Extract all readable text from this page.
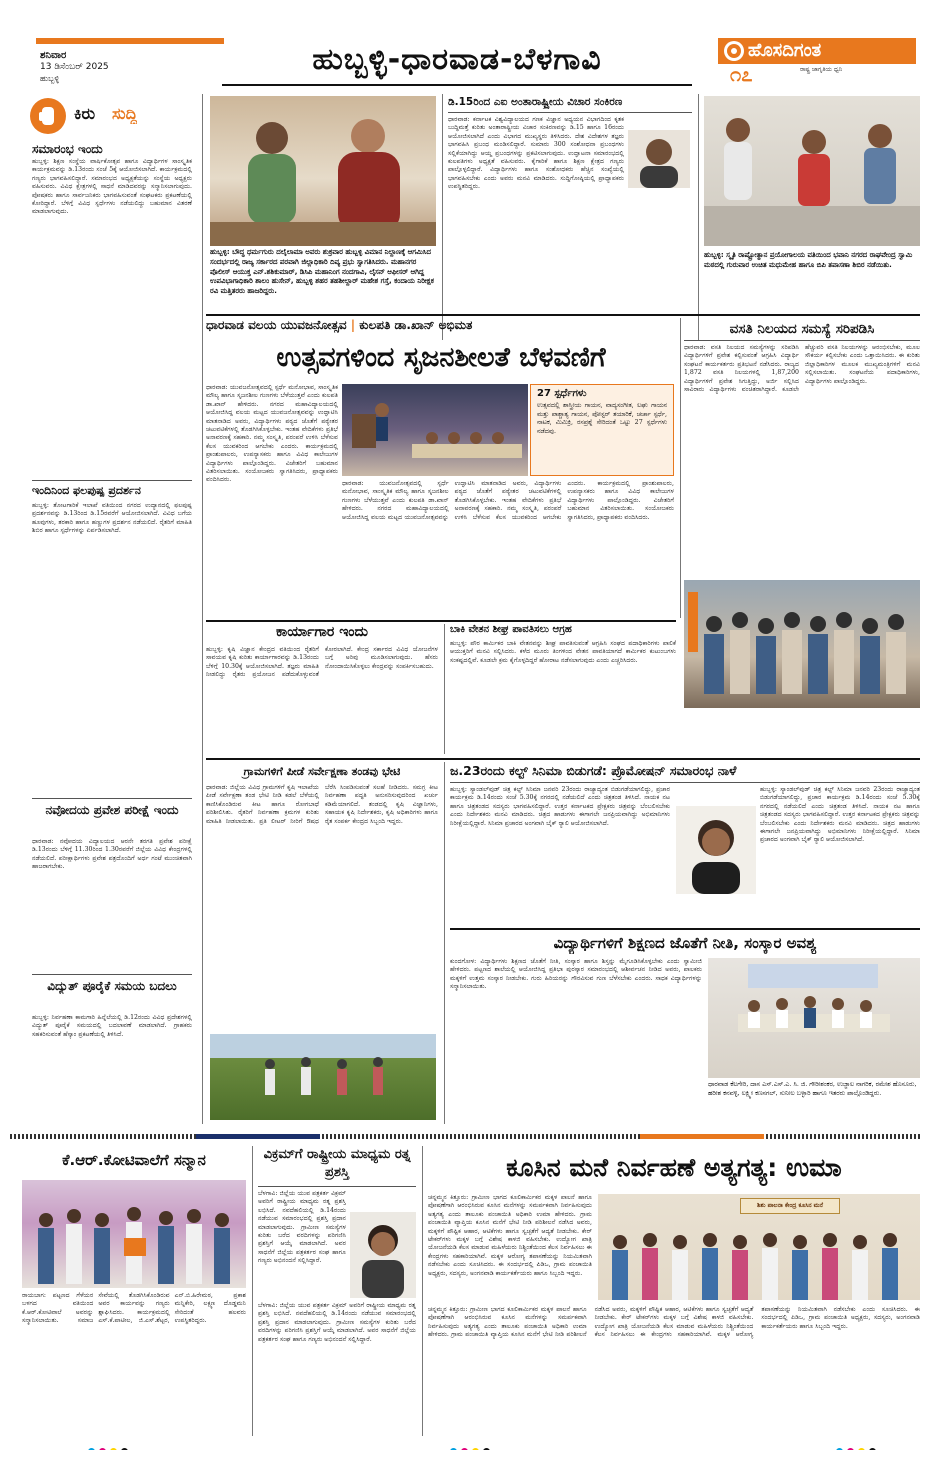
ಶನಿವಾರ
13 ಡಿಸೆಂಬರ್ 2025
ಹುಬ್ಬಳ್ಳಿ
ಹುಬ್ಬಳ್ಳಿ-ಧಾರವಾಡ-ಬೆಳಗಾವಿ	ಹೊಸದಿಗಂತ
ರಾಷ್ಟ್ರ ಜಾಗೃತಿಯ ಧ್ವನಿ
೧೭
ಕಿರು ಸುದ್ದಿ
ಸಮಾರಂಭ ಇಂದು
ಹುಬ್ಬಳ್ಳಿ: ಶಿಕ್ಷಣ ಸಂಸ್ಥೆಯ ವಾರ್ಷಿಕೋತ್ಸವ ಹಾಗೂ ವಿದ್ಯಾರ್ಥಿಗಳ ಸಾಂಸ್ಕೃತಿಕ ಕಾರ್ಯಕ್ರಮವನ್ನು ಡಿ.13ರಂದು ಸಂಜೆ 5ಕ್ಕೆ ಆಯೋಜಿಸಲಾಗಿದೆ. ಕಾರ್ಯಕ್ರಮದಲ್ಲಿ ಗಣ್ಯರು ಭಾಗವಹಿಸಲಿದ್ದಾರೆ. ಸಮಾರಂಭದ ಅಧ್ಯಕ್ಷತೆಯನ್ನು ಸಂಸ್ಥೆಯ ಅಧ್ಯಕ್ಷರು ವಹಿಸುವರು. ವಿವಿಧ ಕ್ಷೇತ್ರಗಳಲ್ಲಿ ಸಾಧನೆ ಮಾಡಿದವರನ್ನು ಸನ್ಮಾನಿಸಲಾಗುವುದು. ಪೋಷಕರು ಹಾಗೂ ಸಾರ್ವಜನಿಕರು ಭಾಗವಹಿಸುವಂತೆ ಸಂಘಟಕರು ಪ್ರಕಟಣೆಯಲ್ಲಿ ಕೋರಿದ್ದಾರೆ. ಬೆಳಿಗ್ಗೆ ವಿವಿಧ ಸ್ಪರ್ಧೆಗಳು ನಡೆಯಲಿದ್ದು ಬಹುಮಾನ ವಿತರಣೆ ಮಾಡಲಾಗುವುದು.
ಇಂದಿನಿಂದ ಫಲಪುಷ್ಪ ಪ್ರದರ್ಶನ
ಹುಬ್ಬಳ್ಳಿ: ತೋಟಗಾರಿಕೆ ಇಲಾಖೆ ವತಿಯಿಂದ ನಗರದ ಉದ್ಯಾನದಲ್ಲಿ ಫಲಪುಷ್ಪ ಪ್ರದರ್ಶನವನ್ನು ಡಿ.13ರಿಂದ ಡಿ.15ರವರೆಗೆ ಆಯೋಜಿಸಲಾಗಿದೆ. ವಿವಿಧ ಬಗೆಯ ಹೂವುಗಳು, ತರಕಾರಿ ಹಾಗೂ ಹಣ್ಣುಗಳ ಪ್ರದರ್ಶನ ನಡೆಯಲಿದೆ. ರೈತರಿಗೆ ಮಾಹಿತಿ ಶಿಬಿರ ಹಾಗೂ ಸ್ಪರ್ಧೆಗಳನ್ನು ಏರ್ಪಡಿಸಲಾಗಿದೆ.
ನವೋದಯ ಪ್ರವೇಶ ಪರೀಕ್ಷೆ ಇಂದು
ಧಾರವಾಡ: ನವೋದಯ ವಿದ್ಯಾಲಯದ ಆರನೇ ತರಗತಿ ಪ್ರವೇಶ ಪರೀಕ್ಷೆ ಡಿ.13ರಂದು ಬೆಳಿಗ್ಗೆ 11.30ರಿಂದ 1.30ರವರೆಗೆ ಜಿಲ್ಲೆಯ ವಿವಿಧ ಕೇಂದ್ರಗಳಲ್ಲಿ ನಡೆಯಲಿದೆ. ಪರೀಕ್ಷಾರ್ಥಿಗಳು ಪ್ರವೇಶ ಪತ್ರದೊಂದಿಗೆ ಅರ್ಧ ಗಂಟೆ ಮುಂಚಿತವಾಗಿ ಹಾಜರಾಗಬೇಕು.
ವಿದ್ಯುತ್ ಪೂರೈಕೆ ಸಮಯ ಬದಲು
ಹುಬ್ಬಳ್ಳಿ: ನಿರ್ವಹಣಾ ಕಾಮಗಾರಿ ಹಿನ್ನೆಲೆಯಲ್ಲಿ ಡಿ.12ರಂದು ವಿವಿಧ ಪ್ರದೇಶಗಳಲ್ಲಿ ವಿದ್ಯುತ್ ಪೂರೈಕೆ ಸಮಯದಲ್ಲಿ ಬದಲಾವಣೆ ಮಾಡಲಾಗಿದೆ. ಗ್ರಾಹಕರು ಸಹಕರಿಸುವಂತೆ ಹೆಸ್ಕಾಂ ಪ್ರಕಟಣೆಯಲ್ಲಿ ತಿಳಿಸಿದೆ.
ಹುಬ್ಬಳ್ಳಿ: ಬೌದ್ಧ ಧರ್ಮಗುರು ದಲೈಲಾಮಾ ಅವರು ಶುಕ್ರವಾರ ಹುಬ್ಬಳ್ಳಿ ವಿಮಾನ ನಿಲ್ದಾಣಕ್ಕೆ ಆಗಮಿಸಿದ ಸಂದರ್ಭದಲ್ಲಿ ರಾಜ್ಯ ಸರ್ಕಾರದ ಪರವಾಗಿ ಜಿಲ್ಲಾಧಿಕಾರಿ ದಿವ್ಯ ಪ್ರಭು ಸ್ವಾಗತಿಸಿದರು. ಮಹಾನಗರ ಪೊಲೀಸ್ ಆಯುಕ್ತ ಎನ್.ಶಶಿಕುಮಾರ್, ಡಿಸಿಪಿ ಮಹಾನಿಂಗ ನಂದಗಾವಿ, ಲೈಸನ್ ಆಫೀಸರ್ ಆಗಿದ್ದ ಉಪವಿಭಾಗಾಧಿಕಾರಿ ಶಾಲಂ ಹುಸೇನ್, ಹುಬ್ಬಳ್ಳಿ ಶಹರ ತಹಶೀಲ್ದಾರ್ ಮಹೇಶ ಗಸ್ತೆ, ಕಂದಾಯ ನಿರೀಕ್ಷಕ ರವಿ ಮತ್ತಿತರರು ಹಾಜರಿದ್ದರು.
ಡಿ.15ರಿಂದ ಎಐ ಅಂತಾರಾಷ್ಟ್ರೀಯ ವಿಚಾರ ಸಂಕಿರಣ
ಧಾರವಾಡ: ಕರ್ನಾಟಕ ವಿಶ್ವವಿದ್ಯಾಲಯದ ಗಣಕ ವಿಜ್ಞಾನ ಅಧ್ಯಯನ ವಿಭಾಗದಿಂದ ಕೃತಕ ಬುದ್ಧಿಮತ್ತೆ ಕುರಿತು ಅಂತಾರಾಷ್ಟ್ರೀಯ ವಿಚಾರ ಸಂಕಿರಣವನ್ನು ಡಿ.15 ಹಾಗೂ 16ರಂದು ಆಯೋಜಿಸಲಾಗಿದೆ ಎಂದು ವಿಭಾಗದ ಮುಖ್ಯಸ್ಥರು ತಿಳಿಸಿದರು. ದೇಶ ವಿದೇಶಗಳ ತಜ್ಞರು ಭಾಗವಹಿಸಿ ಪ್ರಬಂಧ ಮಂಡಿಸಲಿದ್ದಾರೆ. ಸುಮಾರು 300 ಸಂಶೋಧನಾ ಪ್ರಬಂಧಗಳು ಸಲ್ಲಿಕೆಯಾಗಿದ್ದು ಆಯ್ದ ಪ್ರಬಂಧಗಳನ್ನು ಪ್ರಕಟಿಸಲಾಗುವುದು. ಉದ್ಘಾಟನಾ ಸಮಾರಂಭದಲ್ಲಿ ಕುಲಪತಿಗಳು ಅಧ್ಯಕ್ಷತೆ ವಹಿಸುವರು. ಕೈಗಾರಿಕೆ ಹಾಗೂ ಶಿಕ್ಷಣ ಕ್ಷೇತ್ರದ ಗಣ್ಯರು ಪಾಲ್ಗೊಳ್ಳಲಿದ್ದಾರೆ. ವಿದ್ಯಾರ್ಥಿಗಳು ಹಾಗೂ ಸಂಶೋಧಕರು ಹೆಚ್ಚಿನ ಸಂಖ್ಯೆಯಲ್ಲಿ ಭಾಗವಹಿಸಬೇಕು ಎಂದು ಅವರು ಮನವಿ ಮಾಡಿದರು. ಸುದ್ದಿಗೋಷ್ಠಿಯಲ್ಲಿ ಪ್ರಾಧ್ಯಾಪಕರು ಉಪಸ್ಥಿತರಿದ್ದರು.
ಹುಬ್ಬಳ್ಳಿ: ಸ್ಮೃತಿ ರಾಷ್ಟ್ರೋತ್ಥಾನ ಪ್ರಯೋಗಾಲಯ ವತಿಯಿಂದ ಭವಾನಿ ನಗರದ ರಾಘವೇಂದ್ರ ಸ್ವಾಮಿ ಮಠದಲ್ಲಿ ಗುರುವಾರ ಉಚಿತ ಮಧುಮೇಹ ಹಾಗೂ ಬಿಪಿ ತಪಾಸಣಾ ಶಿಬಿರ ನಡೆಯಿತು.
ಧಾರವಾಡ ವಲಯ ಯುವಜನೋತ್ಸವ | ಕುಲಪತಿ ಡಾ.ಖಾನ್ ಅಭಿಮತ
ಉತ್ಸವಗಳಿಂದ ಸೃಜನಶೀಲತೆ ಬೆಳವಣಿಗೆ
27 ಸ್ಪರ್ಧೆಗಳು
ಉತ್ಸವದಲ್ಲಿ ಶಾಸ್ತ್ರೀಯ ಗಾಯನ, ವಾದ್ಯಸಂಗೀತ, ಲಘು ಗಾಯನ ಮತ್ತು ಪಾಶ್ಚಾತ್ಯ ಗಾಯನ, ಪೋಸ್ಟರ್ ತಯಾರಿಕೆ, ಚರ್ಚಾ ಸ್ಪರ್ಧೆ, ನಾಟಕ, ಮಿಮಿಕ್ರಿ, ರಸಪ್ರಶ್ನೆ ಸೇರಿದಂತೆ ಒಟ್ಟು 27 ಸ್ಪರ್ಧೆಗಳು ನಡೆದವು.
ಧಾರವಾಡ: ಯುವಜನೋತ್ಸವದಲ್ಲಿ ಸ್ಪರ್ಧೆ ಮನೋಭಾವ, ಸಾಂಸ್ಕೃತಿಕ ಮೌಲ್ಯ ಹಾಗೂ ಸೃಜನಶೀಲ ಗುಣಗಳು ಬೆಳೆಯುತ್ತವೆ ಎಂದು ಕುಲಪತಿ ಡಾ.ಖಾನ್ ಹೇಳಿದರು. ನಗರದ ಮಹಾವಿದ್ಯಾಲಯದಲ್ಲಿ ಆಯೋಜಿಸಿದ್ದ ವಲಯ ಮಟ್ಟದ ಯುವಜನೋತ್ಸವವನ್ನು ಉದ್ಘಾಟಿಸಿ ಮಾತನಾಡಿದ ಅವರು, ವಿದ್ಯಾರ್ಥಿಗಳು ಪಠ್ಯದ ಜೊತೆಗೆ ಪಠ್ಯೇತರ ಚಟುವಟಿಕೆಗಳಲ್ಲಿ ತೊಡಗಿಸಿಕೊಳ್ಳಬೇಕು. ಇಂತಹ ವೇದಿಕೆಗಳು ಪ್ರತಿಭೆ ಅನಾವರಣಕ್ಕೆ ಸಹಕಾರಿ. ನಮ್ಮ ಸಂಸ್ಕೃತಿ, ಪರಂಪರೆ ಉಳಿಸಿ ಬೆಳೆಸುವ ಕೆಲಸ ಯುವಕರಿಂದ ಆಗಬೇಕು ಎಂದರು. ಕಾರ್ಯಕ್ರಮದಲ್ಲಿ ಪ್ರಾಂಶುಪಾಲರು, ಉಪನ್ಯಾಸಕರು ಹಾಗೂ ವಿವಿಧ ಕಾಲೇಜುಗಳ ವಿದ್ಯಾರ್ಥಿಗಳು ಪಾಲ್ಗೊಂಡಿದ್ದರು. ವಿಜೇತರಿಗೆ ಬಹುಮಾನ ವಿತರಿಸಲಾಯಿತು. ಸಂಯೋಜಕರು ಸ್ವಾಗತಿಸಿದರು, ಪ್ರಾಧ್ಯಾಪಕರು ವಂದಿಸಿದರು.
ಧಾರವಾಡ: ಯುವಜನೋತ್ಸವದಲ್ಲಿ ಸ್ಪರ್ಧೆ ಮನೋಭಾವ, ಸಾಂಸ್ಕೃತಿಕ ಮೌಲ್ಯ ಹಾಗೂ ಸೃಜನಶೀಲ ಗುಣಗಳು ಬೆಳೆಯುತ್ತವೆ ಎಂದು ಕುಲಪತಿ ಡಾ.ಖಾನ್ ಹೇಳಿದರು. ನಗರದ ಮಹಾವಿದ್ಯಾಲಯದಲ್ಲಿ ಆಯೋಜಿಸಿದ್ದ ವಲಯ ಮಟ್ಟದ ಯುವಜನೋತ್ಸವವನ್ನು ಉದ್ಘಾಟಿಸಿ ಮಾತನಾಡಿದ ಅವರು, ವಿದ್ಯಾರ್ಥಿಗಳು ಪಠ್ಯದ ಜೊತೆಗೆ ಪಠ್ಯೇತರ ಚಟುವಟಿಕೆಗಳಲ್ಲಿ ತೊಡಗಿಸಿಕೊಳ್ಳಬೇಕು. ಇಂತಹ ವೇದಿಕೆಗಳು ಪ್ರತಿಭೆ ಅನಾವರಣಕ್ಕೆ ಸಹಕಾರಿ. ನಮ್ಮ ಸಂಸ್ಕೃತಿ, ಪರಂಪರೆ ಉಳಿಸಿ ಬೆಳೆಸುವ ಕೆಲಸ ಯುವಕರಿಂದ ಆಗಬೇಕು ಎಂದರು. ಕಾರ್ಯಕ್ರಮದಲ್ಲಿ ಪ್ರಾಂಶುಪಾಲರು, ಉಪನ್ಯಾಸಕರು ಹಾಗೂ ವಿವಿಧ ಕಾಲೇಜುಗಳ ವಿದ್ಯಾರ್ಥಿಗಳು ಪಾಲ್ಗೊಂಡಿದ್ದರು. ವಿಜೇತರಿಗೆ ಬಹುಮಾನ ವಿತರಿಸಲಾಯಿತು. ಸಂಯೋಜಕರು ಸ್ವಾಗತಿಸಿದರು, ಪ್ರಾಧ್ಯಾಪಕರು ವಂದಿಸಿದರು.
ವಸತಿ ನಿಲಯದ ಸಮಸ್ಯೆ ಸರಿಪಡಿಸಿ
ಧಾರವಾಡ: ವಸತಿ ನಿಲಯದ ಸಮಸ್ಯೆಗಳನ್ನು ಸರಿಪಡಿಸಿ ವಿದ್ಯಾರ್ಥಿಗಳಿಗೆ ಪ್ರವೇಶ ಕಲ್ಪಿಸುವಂತೆ ಆಗ್ರಹಿಸಿ ವಿದ್ಯಾರ್ಥಿ ಸಂಘಟನೆ ಕಾರ್ಯಕರ್ತರು ಪ್ರತಿಭಟನೆ ನಡೆಸಿದರು. ರಾಜ್ಯದ 1,872 ವಸತಿ ನಿಲಯಗಳಲ್ಲಿ 1,87,200 ವಿದ್ಯಾರ್ಥಿಗಳಿಗೆ ಪ್ರವೇಶ ಸಿಗುತ್ತಿದ್ದು, ಅರ್ಜಿ ಸಲ್ಲಿಸಿದ ಸಾವಿರಾರು ವಿದ್ಯಾರ್ಥಿಗಳು ವಂಚಿತರಾಗಿದ್ದಾರೆ. ಕೂಡಲೇ ಹೆಚ್ಚುವರಿ ವಸತಿ ನಿಲಯಗಳನ್ನು ಆರಂಭಿಸಬೇಕು, ಮೂಲ ಸೌಕರ್ಯ ಕಲ್ಪಿಸಬೇಕು ಎಂದು ಒತ್ತಾಯಿಸಿದರು. ಈ ಕುರಿತು ಜಿಲ್ಲಾಧಿಕಾರಿಗಳ ಮೂಲಕ ಮುಖ್ಯಮಂತ್ರಿಗಳಿಗೆ ಮನವಿ ಸಲ್ಲಿಸಲಾಯಿತು. ಸಂಘಟನೆಯ ಪದಾಧಿಕಾರಿಗಳು, ವಿದ್ಯಾರ್ಥಿಗಳು ಪಾಲ್ಗೊಂಡಿದ್ದರು.
ಕಾರ್ಯಾಗಾರ ಇಂದು
ಹುಬ್ಬಳ್ಳಿ: ಕೃಷಿ ವಿಜ್ಞಾನ ಕೇಂದ್ರದ ವತಿಯಿಂದ ರೈತರಿಗೆ ಸಾವಯವ ಕೃಷಿ ಕುರಿತು ಕಾರ್ಯಾಗಾರವನ್ನು ಡಿ.13ರಂದು ಬೆಳಿಗ್ಗೆ 10.30ಕ್ಕೆ ಆಯೋಜಿಸಲಾಗಿದೆ. ತಜ್ಞರು ಮಾಹಿತಿ ನೀಡಲಿದ್ದು ರೈತರು ಪ್ರಯೋಜನ ಪಡೆದುಕೊಳ್ಳುವಂತೆ ಕೋರಲಾಗಿದೆ. ಕೇಂದ್ರ ಸರ್ಕಾರದ ವಿವಿಧ ಯೋಜನೆಗಳ ಬಗ್ಗೆ ಅರಿವು ಮೂಡಿಸಲಾಗುವುದು. ಹೆಸರು ನೋಂದಾಯಿಸಿಕೊಳ್ಳಲು ಕೇಂದ್ರವನ್ನು ಸಂಪರ್ಕಿಸಬಹುದು.
ಬಾಕಿ ವೇತನ ಶೀಘ್ರ ಪಾವತಿಸಲು ಆಗ್ರಹ
ಹುಬ್ಬಳ್ಳಿ: ಪೌರ ಕಾರ್ಮಿಕರ ಬಾಕಿ ವೇತನವನ್ನು ಶೀಘ್ರ ಪಾವತಿಸುವಂತೆ ಆಗ್ರಹಿಸಿ ಸಂಘದ ಪದಾಧಿಕಾರಿಗಳು ಪಾಲಿಕೆ ಆಯುಕ್ತರಿಗೆ ಮನವಿ ಸಲ್ಲಿಸಿದರು. ಕಳೆದ ಮೂರು ತಿಂಗಳಿಂದ ವೇತನ ಪಾವತಿಯಾಗದೆ ಕಾರ್ಮಿಕರ ಕುಟುಂಬಗಳು ಸಂಕಷ್ಟದಲ್ಲಿವೆ. ಕೂಡಲೇ ಕ್ರಮ ಕೈಗೊಳ್ಳದಿದ್ದರೆ ಹೋರಾಟ ನಡೆಸಲಾಗುವುದು ಎಂದು ಎಚ್ಚರಿಸಿದರು.
ಗ್ರಾಮಗಳಿಗೆ ಪೀಡೆ ಸರ್ವೇಕ್ಷಣಾ ತಂಡವು ಭೇಟಿ
ಧಾರವಾಡ: ಜಿಲ್ಲೆಯ ವಿವಿಧ ಗ್ರಾಮಗಳಿಗೆ ಕೃಷಿ ಇಲಾಖೆಯ ಪೀಡೆ ಸರ್ವೇಕ್ಷಣಾ ತಂಡ ಭೇಟಿ ನೀಡಿ ಕಡಲೆ ಬೆಳೆಯಲ್ಲಿ ಕಾಣಿಸಿಕೊಂಡಿರುವ ಕೀಟ ಹಾಗೂ ರೋಗಬಾಧೆ ಪರಿಶೀಲಿಸಿತು. ರೈತರಿಗೆ ನಿರ್ವಹಣಾ ಕ್ರಮಗಳ ಕುರಿತು ಮಾಹಿತಿ ನೀಡಲಾಯಿತು. ಪ್ರತಿ ಲೀಟರ್ ನೀರಿಗೆ ಔಷಧ ಬೆರೆಸಿ ಸಿಂಪಡಿಸುವಂತೆ ಸಲಹೆ ನೀಡಿದರು. ಸಮಗ್ರ ಕೀಟ ನಿರ್ವಹಣಾ ಪದ್ಧತಿ ಅನುಸರಿಸುವುದರಿಂದ ಖರ್ಚು ಕಡಿಮೆಯಾಗಲಿದೆ. ತಂಡದಲ್ಲಿ ಕೃಷಿ ವಿಜ್ಞಾನಿಗಳು, ಸಹಾಯಕ ಕೃಷಿ ನಿರ್ದೇಶಕರು, ಕೃಷಿ ಅಧಿಕಾರಿಗಳು ಹಾಗೂ ರೈತ ಸಂಪರ್ಕ ಕೇಂದ್ರದ ಸಿಬ್ಬಂದಿ ಇದ್ದರು.
ಜ.23ರಂದು ಕಲ್ಟ್ ಸಿನಿಮಾ ಬಿಡುಗಡೆ: ಪ್ರೊಮೋಷನ್ ಸಮಾರಂಭ ನಾಳೆ
ಹುಬ್ಬಳ್ಳಿ: ಸ್ಯಾಂಡಲ್‌ವುಡ್ ಚಿತ್ರ ಕಲ್ಟ್ ಸಿನಿಮಾ ಜನವರಿ 23ರಂದು ರಾಜ್ಯಾದ್ಯಂತ ಬಿಡುಗಡೆಯಾಗಲಿದ್ದು, ಪ್ರಚಾರ ಕಾರ್ಯಕ್ರಮ ಡಿ.14ರಂದು ಸಂಜೆ 5.30ಕ್ಕೆ ನಗರದಲ್ಲಿ ನಡೆಯಲಿದೆ ಎಂದು ಚಿತ್ರತಂಡ ತಿಳಿಸಿದೆ. ನಾಯಕ ನಟ ಹಾಗೂ ಚಿತ್ರತಂಡದ ಸದಸ್ಯರು ಭಾಗವಹಿಸಲಿದ್ದಾರೆ. ಉತ್ತರ ಕರ್ನಾಟಕದ ಪ್ರೇಕ್ಷಕರು ಚಿತ್ರವನ್ನು ಬೆಂಬಲಿಸಬೇಕು ಎಂದು ನಿರ್ದೇಶಕರು ಮನವಿ ಮಾಡಿದರು. ಚಿತ್ರದ ಹಾಡುಗಳು ಈಗಾಗಲೇ ಜನಪ್ರಿಯವಾಗಿದ್ದು ಅಭಿಮಾನಿಗಳು ನಿರೀಕ್ಷೆಯಲ್ಲಿದ್ದಾರೆ. ಸಿನಿಮಾ ಪ್ರಚಾರದ ಅಂಗವಾಗಿ ಬೈಕ್ ರ‍್ಯಾಲಿ ಆಯೋಜಿಸಲಾಗಿದೆ.
ಹುಬ್ಬಳ್ಳಿ: ಸ್ಯಾಂಡಲ್‌ವುಡ್ ಚಿತ್ರ ಕಲ್ಟ್ ಸಿನಿಮಾ ಜನವರಿ 23ರಂದು ರಾಜ್ಯಾದ್ಯಂತ ಬಿಡುಗಡೆಯಾಗಲಿದ್ದು, ಪ್ರಚಾರ ಕಾರ್ಯಕ್ರಮ ಡಿ.14ರಂದು ಸಂಜೆ 5.30ಕ್ಕೆ ನಗರದಲ್ಲಿ ನಡೆಯಲಿದೆ ಎಂದು ಚಿತ್ರತಂಡ ತಿಳಿಸಿದೆ. ನಾಯಕ ನಟ ಹಾಗೂ ಚಿತ್ರತಂಡದ ಸದಸ್ಯರು ಭಾಗವಹಿಸಲಿದ್ದಾರೆ. ಉತ್ತರ ಕರ್ನಾಟಕದ ಪ್ರೇಕ್ಷಕರು ಚಿತ್ರವನ್ನು ಬೆಂಬಲಿಸಬೇಕು ಎಂದು ನಿರ್ದೇಶಕರು ಮನವಿ ಮಾಡಿದರು. ಚಿತ್ರದ ಹಾಡುಗಳು ಈಗಾಗಲೇ ಜನಪ್ರಿಯವಾಗಿದ್ದು ಅಭಿಮಾನಿಗಳು ನಿರೀಕ್ಷೆಯಲ್ಲಿದ್ದಾರೆ. ಸಿನಿಮಾ ಪ್ರಚಾರದ ಅಂಗವಾಗಿ ಬೈಕ್ ರ‍್ಯಾಲಿ ಆಯೋಜಿಸಲಾಗಿದೆ.
ವಿದ್ಯಾರ್ಥಿಗಳಿಗೆ ಶಿಕ್ಷಣದ ಜೊತೆಗೆ ನೀತಿ, ಸಂಸ್ಕಾರ ಅವಶ್ಯ
ಕುಂದಗೋಳ: ವಿದ್ಯಾರ್ಥಿಗಳು ಶಿಕ್ಷಣದ ಜೊತೆಗೆ ನೀತಿ, ಸಂಸ್ಕಾರ ಹಾಗೂ ಶಿಸ್ತನ್ನು ಮೈಗೂಡಿಸಿಕೊಳ್ಳಬೇಕು ಎಂದು ಸ್ವಾಮೀಜಿ ಹೇಳಿದರು. ಪಟ್ಟಣದ ಶಾಲೆಯಲ್ಲಿ ಆಯೋಜಿಸಿದ್ದ ಪ್ರತಿಭಾ ಪುರಸ್ಕಾರ ಸಮಾರಂಭದಲ್ಲಿ ಆಶೀರ್ವಚನ ನೀಡಿದ ಅವರು, ಪಾಲಕರು ಮಕ್ಕಳಿಗೆ ಉತ್ತಮ ಸಂಸ್ಕಾರ ನೀಡಬೇಕು. ಗುರು ಹಿರಿಯರನ್ನು ಗೌರವಿಸುವ ಗುಣ ಬೆಳೆಸಬೇಕು ಎಂದರು. ಸಾಧಕ ವಿದ್ಯಾರ್ಥಿಗಳನ್ನು ಸನ್ಮಾನಿಸಲಾಯಿತು.
ಧಾರವಾಡ ಕೆಲಗೇರಿ, ದಾಸ ಎಸ್.ಎಸ್.ಎ. ಸಿ. ಜಿ. ಗೌರೀಶಂಕರ, ಉಜ್ಜಾಲ ನಾಗರಿಕ, ರಮೇಶ ಹೊಸೂರು, ಹರೀಶ ಕನವಳ್ಳಿ, ಲಕ್ಷ್ಮೀ ಕಣಸಗಲ್, ಸುನೀಲ ಬಳ್ಳಾರಿ ಹಾಗೂ ಇತರರು ಪಾಲ್ಗೊಂಡಿದ್ದರು.
ಕೆ.ಆರ್.ಕೋಟಿವಾಲೆಗೆ ಸನ್ಮಾನ
ರಾಯಬಾಗ: ಪಟ್ಟಣದ ಗೆಳೆಯರ ಬಳಗದ ವತಿಯಿಂದ ಕೆ.ಆರ್.ಕೋಟಿವಾಲೆ ಅವರನ್ನು ಸನ್ಮಾನಿಸಲಾಯಿತು. ಸಮಾಜ ಸೇವೆಯಲ್ಲಿ ತೊಡಗಿಸಿಕೊಂಡಿರುವ ಅವರ ಕಾರ್ಯವನ್ನು ಗಣ್ಯರು ಶ್ಲಾಘಿಸಿದರು. ಕಾರ್ಯಕ್ರಮದಲ್ಲಿ ಎಸ್.ಕೆ.ಪಾಟೀಲ, ಜಿ.ಎಸ್.ಶೆಟ್ಟರ, ಎನ್.ಬಿ.ಹಿರೇಮಠ, ಪ್ರಕಾಶ ಮನ್ನಿಕೇರಿ, ಲಕ್ಷ್ಮಣ ದೊಡ್ಡಮನಿ ಸೇರಿದಂತೆ ಹಲವರು ಉಪಸ್ಥಿತರಿದ್ದರು.
ವಿಕ್ರಮ್‌ಗೆ ರಾಷ್ಟ್ರೀಯ ಮಾಧ್ಯಮ ರತ್ನ ಪ್ರಶಸ್ತಿ
ಬೆಳಗಾವಿ: ಜಿಲ್ಲೆಯ ಯುವ ಪತ್ರಕರ್ತ ವಿಕ್ರಮ್ ಅವರಿಗೆ ರಾಷ್ಟ್ರೀಯ ಮಾಧ್ಯಮ ರತ್ನ ಪ್ರಶಸ್ತಿ ಲಭಿಸಿದೆ. ನವದೆಹಲಿಯಲ್ಲಿ ಡಿ.14ರಂದು ನಡೆಯುವ ಸಮಾರಂಭದಲ್ಲಿ ಪ್ರಶಸ್ತಿ ಪ್ರದಾನ ಮಾಡಲಾಗುವುದು. ಗ್ರಾಮೀಣ ಸಮಸ್ಯೆಗಳ ಕುರಿತು ಬರೆದ ವರದಿಗಳನ್ನು ಪರಿಗಣಿಸಿ ಪ್ರಶಸ್ತಿಗೆ ಆಯ್ಕೆ ಮಾಡಲಾಗಿದೆ. ಅವರ ಸಾಧನೆಗೆ ಜಿಲ್ಲೆಯ ಪತ್ರಕರ್ತರ ಸಂಘ ಹಾಗೂ ಗಣ್ಯರು ಅಭಿನಂದನೆ ಸಲ್ಲಿಸಿದ್ದಾರೆ.
ಬೆಳಗಾವಿ: ಜಿಲ್ಲೆಯ ಯುವ ಪತ್ರಕರ್ತ ವಿಕ್ರಮ್ ಅವರಿಗೆ ರಾಷ್ಟ್ರೀಯ ಮಾಧ್ಯಮ ರತ್ನ ಪ್ರಶಸ್ತಿ ಲಭಿಸಿದೆ. ನವದೆಹಲಿಯಲ್ಲಿ ಡಿ.14ರಂದು ನಡೆಯುವ ಸಮಾರಂಭದಲ್ಲಿ ಪ್ರಶಸ್ತಿ ಪ್ರದಾನ ಮಾಡಲಾಗುವುದು. ಗ್ರಾಮೀಣ ಸಮಸ್ಯೆಗಳ ಕುರಿತು ಬರೆದ ವರದಿಗಳನ್ನು ಪರಿಗಣಿಸಿ ಪ್ರಶಸ್ತಿಗೆ ಆಯ್ಕೆ ಮಾಡಲಾಗಿದೆ. ಅವರ ಸಾಧನೆಗೆ ಜಿಲ್ಲೆಯ ಪತ್ರಕರ್ತರ ಸಂಘ ಹಾಗೂ ಗಣ್ಯರು ಅಭಿನಂದನೆ ಸಲ್ಲಿಸಿದ್ದಾರೆ.
ಕೂಸಿನ ಮನೆ ನಿರ್ವಹಣೆ ಅತ್ಯಗತ್ಯ: ಉಮಾ
ಚನ್ನಮ್ಮನ ಕಿತ್ತೂರು: ಗ್ರಾಮೀಣ ಭಾಗದ ಕೂಲಿಕಾರ್ಮಿಕರ ಮಕ್ಕಳ ಪಾಲನೆ ಹಾಗೂ ಪೋಷಣೆಗಾಗಿ ಆರಂಭಿಸಿರುವ ಕೂಸಿನ ಮನೆಗಳನ್ನು ಸಮರ್ಪಕವಾಗಿ ನಿರ್ವಹಿಸುವುದು ಅತ್ಯಗತ್ಯ ಎಂದು ತಾಲೂಕು ಪಂಚಾಯಿತಿ ಅಧಿಕಾರಿ ಉಮಾ ಹೇಳಿದರು. ಗ್ರಾಮ ಪಂಚಾಯಿತಿ ವ್ಯಾಪ್ತಿಯ ಕೂಸಿನ ಮನೆಗೆ ಭೇಟಿ ನೀಡಿ ಪರಿಶೀಲನೆ ನಡೆಸಿದ ಅವರು, ಮಕ್ಕಳಿಗೆ ಪೌಷ್ಟಿಕ ಆಹಾರ, ಆಟಿಕೆಗಳು ಹಾಗೂ ಸ್ವಚ್ಛತೆಗೆ ಆದ್ಯತೆ ನೀಡಬೇಕು. ಕೇರ್ ಟೇಕರ್‌ಗಳು ಮಕ್ಕಳ ಬಗ್ಗೆ ವಿಶೇಷ ಕಾಳಜಿ ವಹಿಸಬೇಕು. ಉದ್ಯೋಗ ಖಾತ್ರಿ ಯೋಜನೆಯಡಿ ಕೆಲಸ ಮಾಡುವ ಮಹಿಳೆಯರು ನಿಶ್ಚಿಂತೆಯಿಂದ ಕೆಲಸ ನಿರ್ವಹಿಸಲು ಈ ಕೇಂದ್ರಗಳು ಸಹಕಾರಿಯಾಗಿವೆ. ಮಕ್ಕಳ ಆರೋಗ್ಯ ತಪಾಸಣೆಯನ್ನು ನಿಯಮಿತವಾಗಿ ನಡೆಸಬೇಕು ಎಂದು ಸೂಚಿಸಿದರು. ಈ ಸಂದರ್ಭದಲ್ಲಿ ಪಿಡಿಒ, ಗ್ರಾಮ ಪಂಚಾಯಿತಿ ಅಧ್ಯಕ್ಷರು, ಸದಸ್ಯರು, ಅಂಗನವಾಡಿ ಕಾರ್ಯಕರ್ತೆಯರು ಹಾಗೂ ಸಿಬ್ಬಂದಿ ಇದ್ದರು.
ಶಿಶು ಪಾಲನಾ ಕೇಂದ್ರ ಕೂಸಿನ ಮನೆ
ಚನ್ನಮ್ಮನ ಕಿತ್ತೂರು: ಗ್ರಾಮೀಣ ಭಾಗದ ಕೂಲಿಕಾರ್ಮಿಕರ ಮಕ್ಕಳ ಪಾಲನೆ ಹಾಗೂ ಪೋಷಣೆಗಾಗಿ ಆರಂಭಿಸಿರುವ ಕೂಸಿನ ಮನೆಗಳನ್ನು ಸಮರ್ಪಕವಾಗಿ ನಿರ್ವಹಿಸುವುದು ಅತ್ಯಗತ್ಯ ಎಂದು ತಾಲೂಕು ಪಂಚಾಯಿತಿ ಅಧಿಕಾರಿ ಉಮಾ ಹೇಳಿದರು. ಗ್ರಾಮ ಪಂಚಾಯಿತಿ ವ್ಯಾಪ್ತಿಯ ಕೂಸಿನ ಮನೆಗೆ ಭೇಟಿ ನೀಡಿ ಪರಿಶೀಲನೆ ನಡೆಸಿದ ಅವರು, ಮಕ್ಕಳಿಗೆ ಪೌಷ್ಟಿಕ ಆಹಾರ, ಆಟಿಕೆಗಳು ಹಾಗೂ ಸ್ವಚ್ಛತೆಗೆ ಆದ್ಯತೆ ನೀಡಬೇಕು. ಕೇರ್ ಟೇಕರ್‌ಗಳು ಮಕ್ಕಳ ಬಗ್ಗೆ ವಿಶೇಷ ಕಾಳಜಿ ವಹಿಸಬೇಕು. ಉದ್ಯೋಗ ಖಾತ್ರಿ ಯೋಜನೆಯಡಿ ಕೆಲಸ ಮಾಡುವ ಮಹಿಳೆಯರು ನಿಶ್ಚಿಂತೆಯಿಂದ ಕೆಲಸ ನಿರ್ವಹಿಸಲು ಈ ಕೇಂದ್ರಗಳು ಸಹಕಾರಿಯಾಗಿವೆ. ಮಕ್ಕಳ ಆರೋಗ್ಯ ತಪಾಸಣೆಯನ್ನು ನಿಯಮಿತವಾಗಿ ನಡೆಸಬೇಕು ಎಂದು ಸೂಚಿಸಿದರು. ಈ ಸಂದರ್ಭದಲ್ಲಿ ಪಿಡಿಒ, ಗ್ರಾಮ ಪಂಚಾಯಿತಿ ಅಧ್ಯಕ್ಷರು, ಸದಸ್ಯರು, ಅಂಗನವಾಡಿ ಕಾರ್ಯಕರ್ತೆಯರು ಹಾಗೂ ಸಿಬ್ಬಂದಿ ಇದ್ದರು.
